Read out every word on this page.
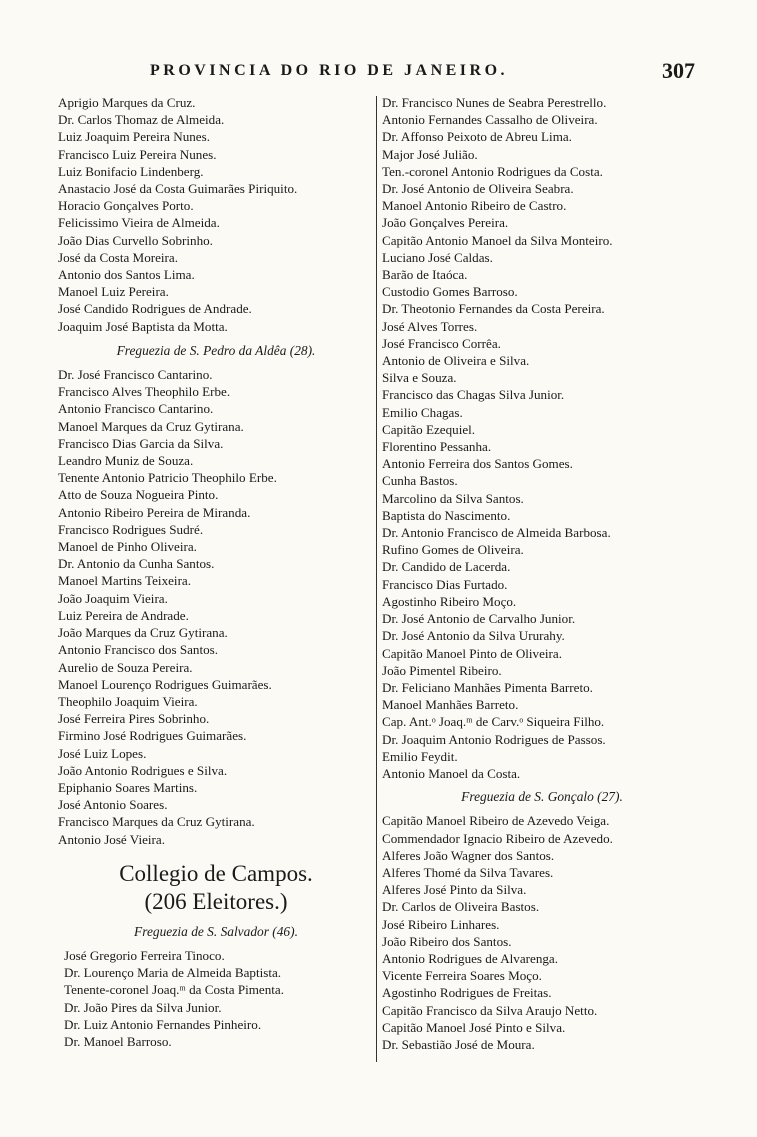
PROVINCIA DO RIO DE JANEIRO.	307
Aprigio Marques da Cruz.
Dr. Carlos Thomaz de Almeida.
Luiz Joaquim Pereira Nunes.
Francisco Luiz Pereira Nunes.
Luiz Bonifacio Lindenberg.
Anastacio José da Costa Guimarães Piriquito.
Horacio Gonçalves Porto.
Felicissimo Vieira de Almeida.
João Dias Curvello Sobrinho.
José da Costa Moreira.
Antonio dos Santos Lima.
Manoel Luiz Pereira.
José Candido Rodrigues de Andrade.
Joaquim José Baptista da Motta.
Freguezia de S. Pedro da Aldêa (28).
Dr. José Francisco Cantarino.
Francisco Alves Theophilo Erbe.
Antonio Francisco Cantarino.
Manoel Marques da Cruz Gytirana.
Francisco Dias Garcia da Silva.
Leandro Muniz de Souza.
Tenente Antonio Patricio Theophilo Erbe.
Atto de Souza Nogueira Pinto.
Antonio Ribeiro Pereira de Miranda.
Francisco Rodrigues Sudré.
Manoel de Pinho Oliveira.
Dr. Antonio da Cunha Santos.
Manoel Martins Teixeira.
João Joaquim Vieira.
Luiz Pereira de Andrade.
João Marques da Cruz Gytirana.
Antonio Francisco dos Santos.
Aurelio de Souza Pereira.
Manoel Lourenço Rodrigues Guimarães.
Theophilo Joaquim Vieira.
José Ferreira Pires Sobrinho.
Firmino José Rodrigues Guimarães.
José Luiz Lopes.
João Antonio Rodrigues e Silva.
Epiphanio Soares Martins.
José Antonio Soares.
Francisco Marques da Cruz Gytirana.
Antonio José Vieira.
Collegio de Campos.
(206 Eleitores.)
Freguezia de S. Salvador (46).
José Gregorio Ferreira Tinoco.
Dr. Lourenço Maria de Almeida Baptista.
Tenente-coronel Joaq.ᵐ da Costa Pimenta.
Dr. João Pires da Silva Junior.
Dr. Luiz Antonio Fernandes Pinheiro.
Dr. Manoel Barroso.
Dr. Francisco Nunes de Seabra Perestrello.
Antonio Fernandes Cassalho de Oliveira.
Dr. Affonso Peixoto de Abreu Lima.
Major José Julião.
Ten.-coronel Antonio Rodrigues da Costa.
Dr. José Antonio de Oliveira Seabra.
Manoel Antonio Ribeiro de Castro.
João Gonçalves Pereira.
Capitão Antonio Manoel da Silva Monteiro.
Luciano José Caldas.
Barão de Itaóca.
Custodio Gomes Barroso.
Dr. Theotonio Fernandes da Costa Pereira.
José Alves Torres.
José Francisco Corrêa.
Antonio de Oliveira e Silva.
Silva e Souza.
Francisco das Chagas Silva Junior.
Emilio Chagas.
Capitão Ezequiel.
Florentino Pessanha.
Antonio Ferreira dos Santos Gomes.
Cunha Bastos.
Marcolino da Silva Santos.
Baptista do Nascimento.
Dr. Antonio Francisco de Almeida Barbosa.
Rufino Gomes de Oliveira.
Dr. Candido de Lacerda.
Francisco Dias Furtado.
Agostinho Ribeiro Moço.
Dr. José Antonio de Carvalho Junior.
Dr. José Antonio da Silva Ururahy.
Capitão Manoel Pinto de Oliveira.
João Pimentel Ribeiro.
Dr. Feliciano Manhães Pimenta Barreto.
Manoel Manhães Barreto.
Cap. Ant.ᵒ Joaq.ᵐ de Carv.ᵒ Siqueira Filho.
Dr. Joaquim Antonio Rodrigues de Passos.
Emilio Feydit.
Antonio Manoel da Costa.
Freguezia de S. Gonçalo (27).
Capitão Manoel Ribeiro de Azevedo Veiga.
Commendador Ignacio Ribeiro de Azevedo.
Alferes João Wagner dos Santos.
Alferes Thomé da Silva Tavares.
Alferes José Pinto da Silva.
Dr. Carlos de Oliveira Bastos.
José Ribeiro Linhares.
João Ribeiro dos Santos.
Antonio Rodrigues de Alvarenga.
Vicente Ferreira Soares Moço.
Agostinho Rodrigues de Freitas.
Capitão Francisco da Silva Araujo Netto.
Capitão Manoel José Pinto e Silva.
Dr. Sebastião José de Moura.
